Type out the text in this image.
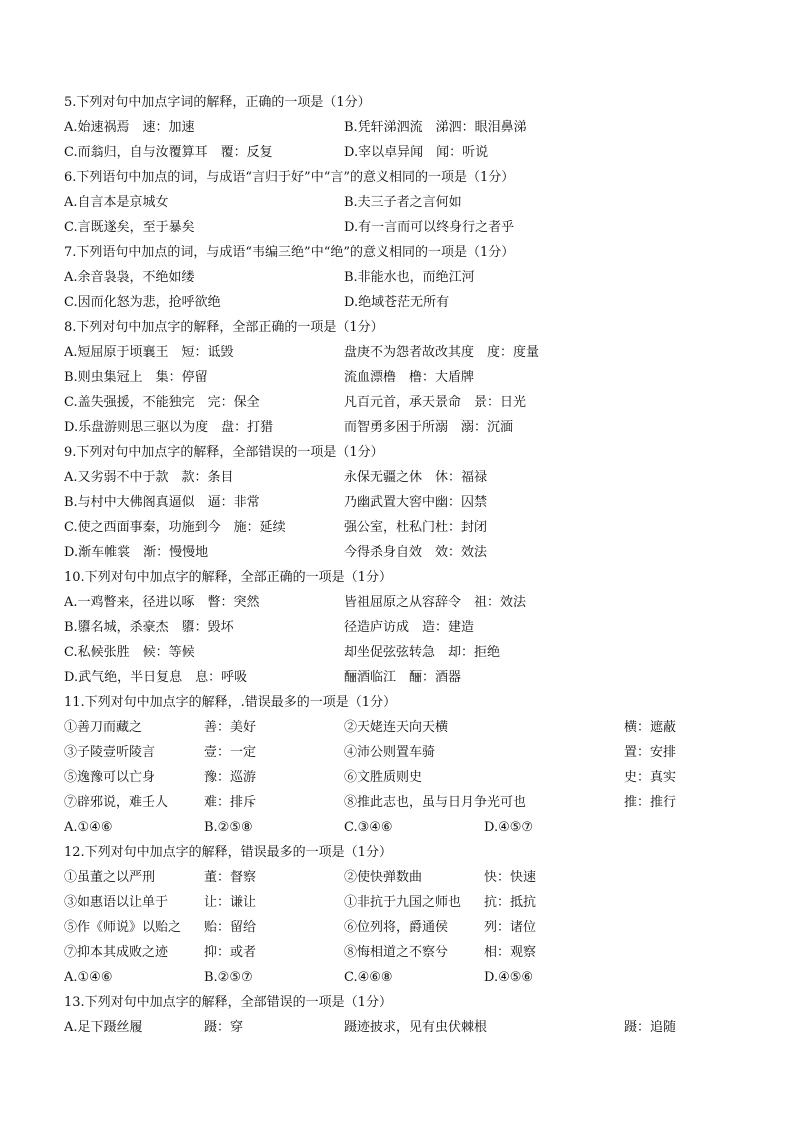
5.下列对句中加点字词的解释，正确的一项是（1分）
A.始速祸焉　速：加速	B.凭轩涕泗流　涕泗：眼泪鼻涕
C.而翁归，自与汝覆算耳　覆：反复	D.宰以卓异闻　闻：听说
6.下列语句中加点的词，与成语“言归于好”中“言”的意义相同的一项是（1分）
A.自言本是京城女	B.夫三子者之言何如
C.言既遂矣，至于暴矣	D.有一言而可以终身行之者乎
7.下列语句中加点的词，与成语“韦编三绝”中“绝”的意义相同的一项是（1分）
A.余音袅袅，不绝如缕	B.非能水也，而绝江河
C.因而化怒为悲，抢呼欲绝	D.绝域苍茫无所有
8.下列对句中加点字的解释，全部正确的一项是（1分）
A.短屈原于顷襄王　短：诋毁	盘庚不为怨者故改其度　度：度量
B.则虫集冠上　集：停留	流血漂橹　橹：大盾牌
C.盖失强援，不能独完　完：保全	凡百元首，承天景命　景：日光
D.乐盘游则思三驱以为度　盘：打猎	而智勇多困于所溺　溺：沉湎
9.下列对句中加点字的解释，全部错误的一项是（1分）
A.又劣弱不中于款　款：条目	永保无疆之休　休：福禄
B.与村中大佛阁真逼似　逼：非常	乃幽武置大窖中幽：囚禁
C.使之西面事秦，功施到今　施：延续	强公室，杜私门杜：封闭
D.渐车帷裳　渐：慢慢地	今得杀身自效　效：效法
10.下列对句中加点字的解释，全部正确的一项是（1分）
A.一鸡瞥来，径进以啄　瞥：突然	皆祖屈原之从容辞令　祖：效法
B.隳名城，杀豪杰　隳：毁坏	径造庐访成　造：建造
C.私候张胜　候：等候	却坐促弦弦转急　却：拒绝
D.武气绝，半日复息　息：呼吸	酾酒临江　酾：酒器
11.下列对句中加点字的解释，.错误最多的一项是（1分）
①善刀而藏之	善：美好	②天姥连天向天横	横：遮蔽
③子陵壹听陵言	壹：一定	④沛公则置车骑	置：安排
⑤逸豫可以亡身	豫：巡游	⑥文胜质则史	史：真实
⑦辟邪说，难壬人	难：排斥	⑧推此志也，虽与日月争光可也	推：推行
A.①④⑥	B.②⑤⑧	C.③④⑥	D.④⑤⑦
12.下列对句中加点字的解释，错误最多的一项是（1分）
①虽董之以严刑	董：督察	②使快弹数曲	快：快速
③如惠语以让单于	让：谦让	①非抗于九国之师也 抗：抵抗
⑤作《师说》以贻之 贻：留给	⑥位列将，爵通侯	列：诸位
⑦抑本其成败之迹	抑：或者	⑧悔相道之不察兮	相：观察
A.①④⑥	B.②⑤⑦	C.④⑥⑧	D.④⑤⑥
13.下列对句中加点字的解释，全部错误的一项是（1分）
A.足下蹑丝履	蹑：穿	蹑迹披求，见有虫伏棘根	蹑：追随
